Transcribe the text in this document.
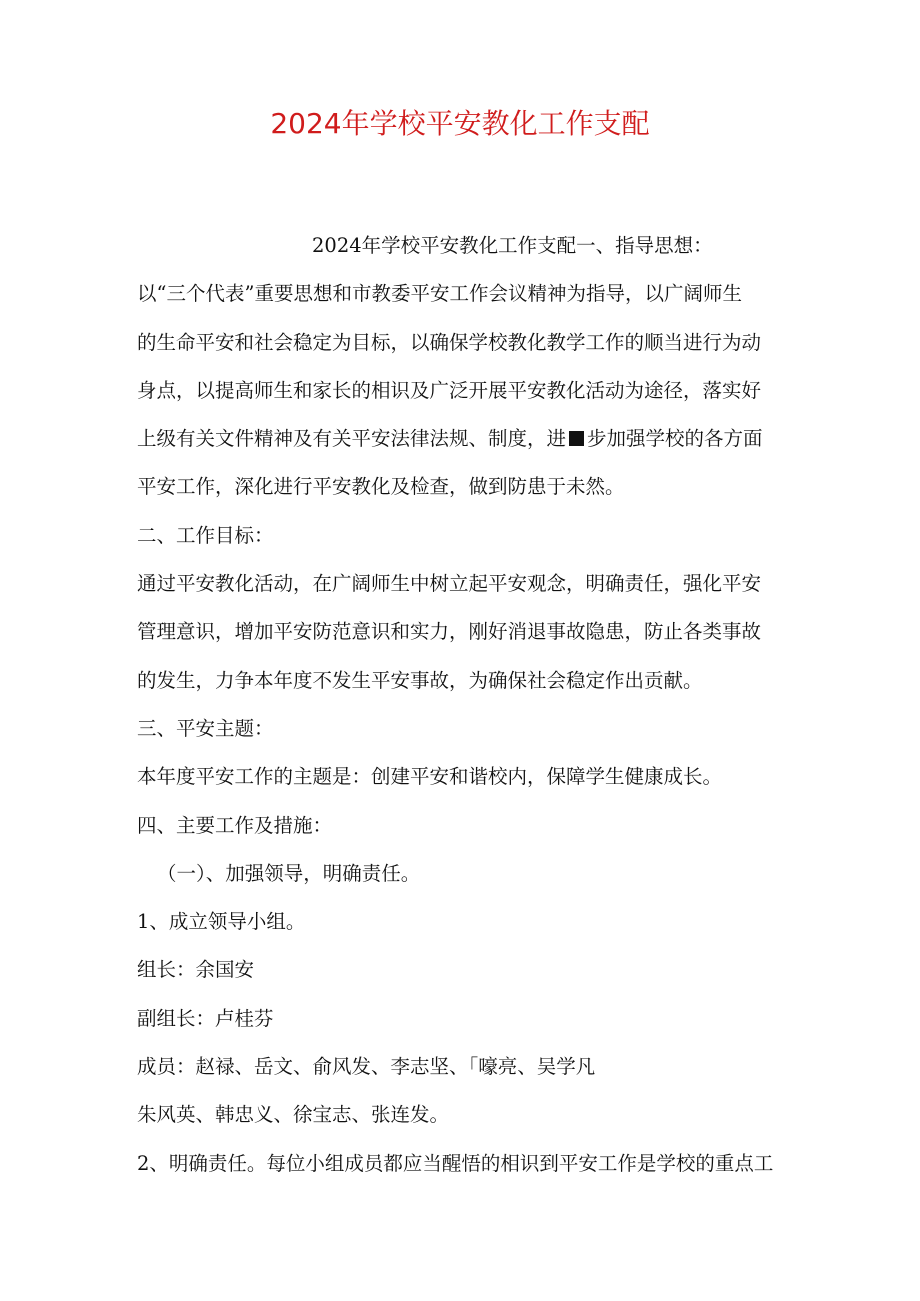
2024年学校平安教化工作支配
2024年学校平安教化工作支配一、指导思想：
以“三个代表”重要思想和市教委平安工作会议精神为指导，以广阔师生
的生命平安和社会稳定为目标，以确保学校教化教学工作的顺当进行为动
身点，以提高师生和家长的相识及广泛开展平安教化活动为途径，落实好
上级有关文件精神及有关平安法律法规、制度，进 步加强学校的各方面
平安工作，深化进行平安教化及检查，做到防患于未然。
二、工作目标：
通过平安教化活动，在广阔师生中树立起平安观念，明确责任，强化平安
管理意识，增加平安防范意识和实力，刚好消退事故隐患，防止各类事故
的发生，力争本年度不发生平安事故，为确保社会稳定作出贡献。
三、平安主题：
本年度平安工作的主题是：创建平安和谐校内，保障学生健康成长。
四、主要工作及措施：
（一）、加强领导，明确责任。
1、成立领导小组。
组长：余国安
副组长：卢桂芬
成员：赵禄、岳文、俞风发、李志坚、「嚎亮、吴学凡
朱风英、韩忠义、徐宝志、张连发。
2、明确责任。每位小组成员都应当醒悟的相识到平安工作是学校的重点工
